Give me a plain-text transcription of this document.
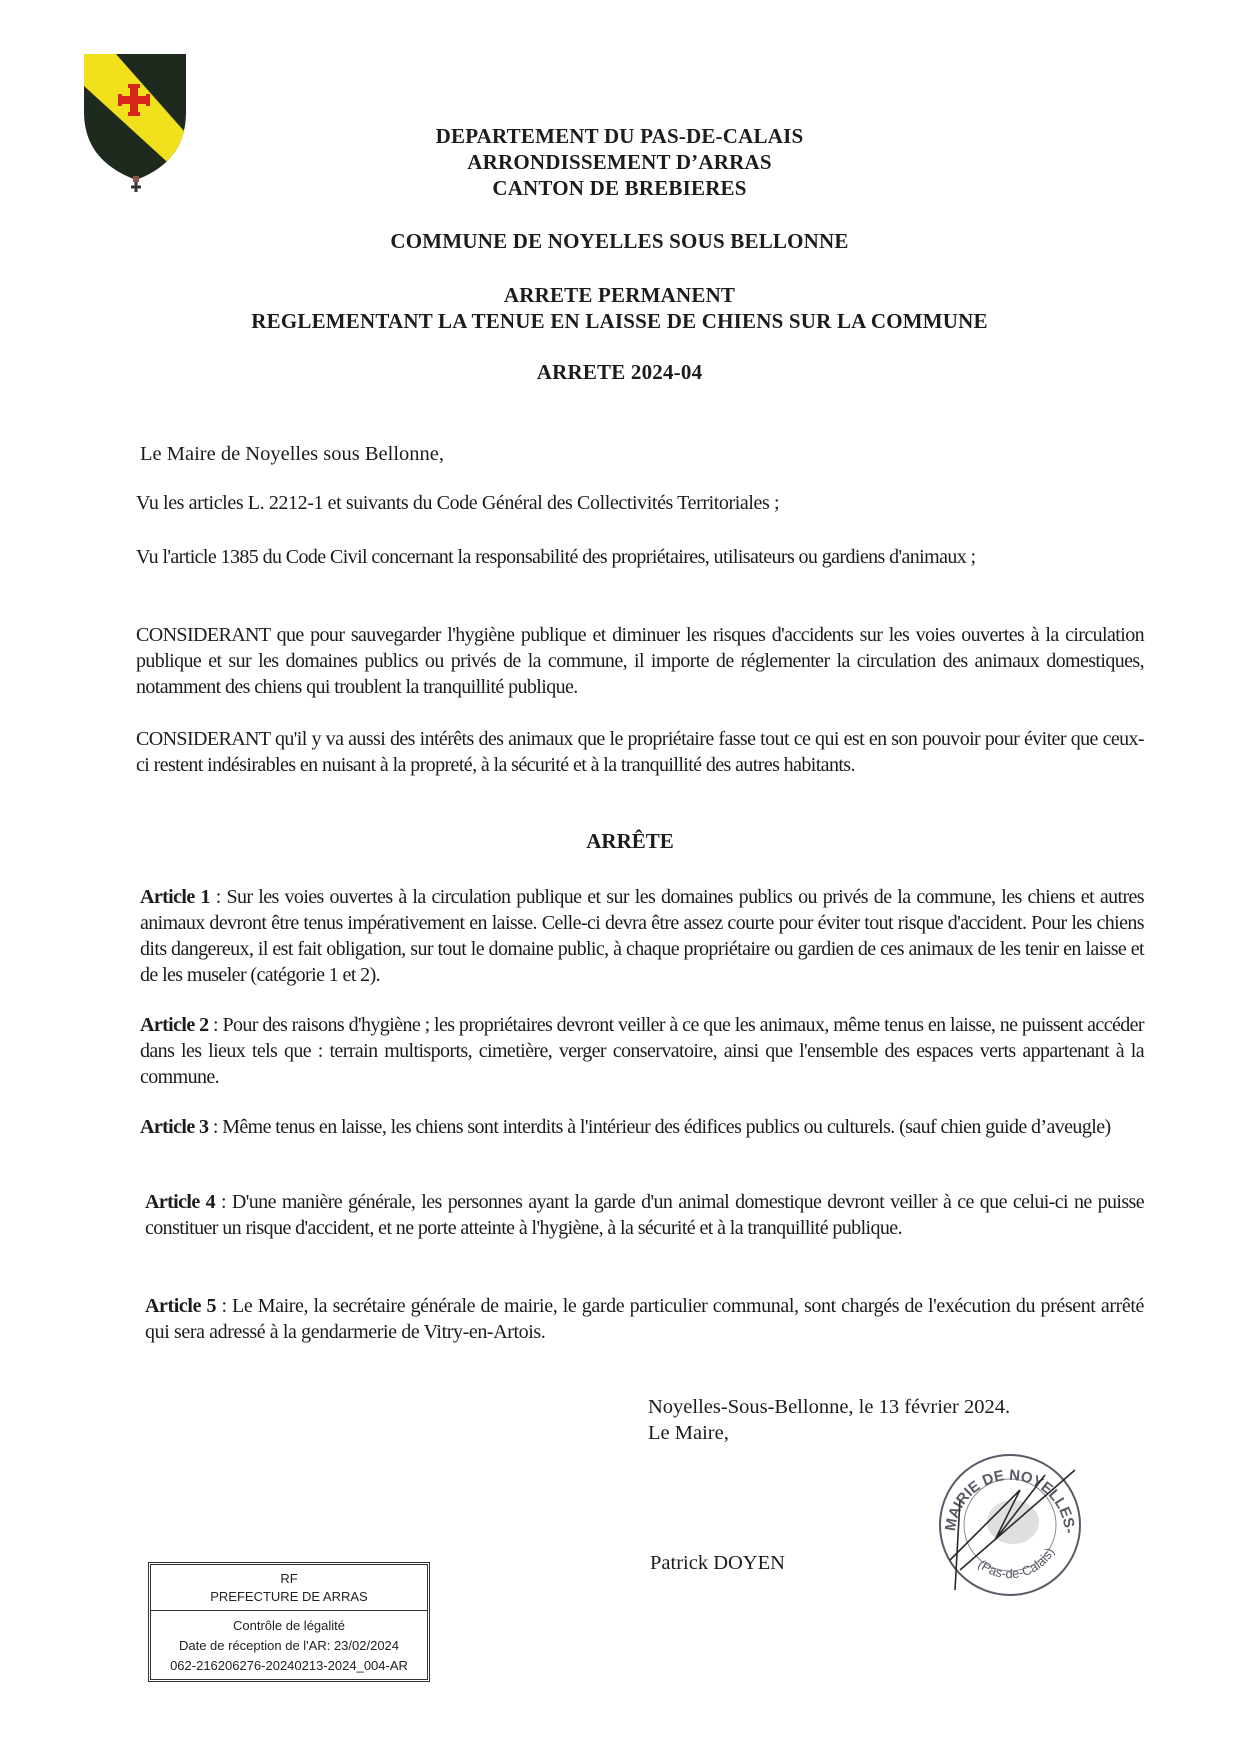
DEPARTEMENT DU PAS-DE-CALAIS
ARRONDISSEMENT D’ARRAS
CANTON DE BREBIERES
COMMUNE DE NOYELLES SOUS BELLONNE
ARRETE PERMANENT
REGLEMENTANT LA TENUE EN LAISSE DE CHIENS SUR LA COMMUNE
ARRETE 2024-04
Le Maire de Noyelles sous Bellonne,
Vu les articles L. 2212-1 et suivants du Code Général des Collectivités Territoriales ;
Vu l'article 1385 du Code Civil concernant la responsabilité des propriétaires, utilisateurs ou gardiens d'animaux ;
CONSIDERANT que pour sauvegarder l'hygiène publique et diminuer les risques d'accidents sur les voies ouvertes à la circulation publique et sur les domaines publics ou privés de la commune, il importe de réglementer la circulation des animaux domestiques, notamment des chiens qui troublent la tranquillité publique.
CONSIDERANT qu'il y va aussi des intérêts des animaux que le propriétaire fasse tout ce qui est en son pouvoir pour éviter que ceux-ci restent indésirables en nuisant à la propreté, à la sécurité et à la tranquillité des autres habitants.
ARRÊTE
Article 1 : Sur les voies ouvertes à la circulation publique et sur les domaines publics ou privés de la commune, les chiens et autres animaux devront être tenus impérativement en laisse. Celle-ci devra être assez courte pour éviter tout risque d'accident. Pour les chiens dits dangereux, il est fait obligation, sur tout le domaine public, à chaque propriétaire ou gardien de ces animaux de les tenir en laisse et de les museler (catégorie 1 et 2).
Article 2 : Pour des raisons d'hygiène ; les propriétaires devront veiller à ce que les animaux, même tenus en laisse, ne puissent accéder dans les lieux tels que : terrain multisports, cimetière, verger conservatoire, ainsi que l'ensemble des espaces verts appartenant à la commune.
Article 3 : Même tenus en laisse, les chiens sont interdits à l'intérieur des édifices publics ou culturels. (sauf chien guide d’aveugle)
Article 4 : D'une manière générale, les personnes ayant la garde d'un animal domestique devront veiller à ce que celui-ci ne puisse constituer un risque d'accident, et ne porte atteinte à l'hygiène, à la sécurité et à la tranquillité publique.
Article 5 : Le Maire, la secrétaire générale de mairie, le garde particulier communal, sont chargés de l'exécution du présent arrêté qui sera adressé à la gendarmerie de Vitry-en-Artois.
Noyelles-Sous-Bellonne, le 13 février 2024.
Le Maire,
Patrick DOYEN
MAIRIE DE NOYELLES-
(Pas-de-Calais)
RF
PREFECTURE DE ARRAS
Contrôle de légalité
Date de réception de l'AR: 23/02/2024
062-216206276-20240213-2024_004-AR
